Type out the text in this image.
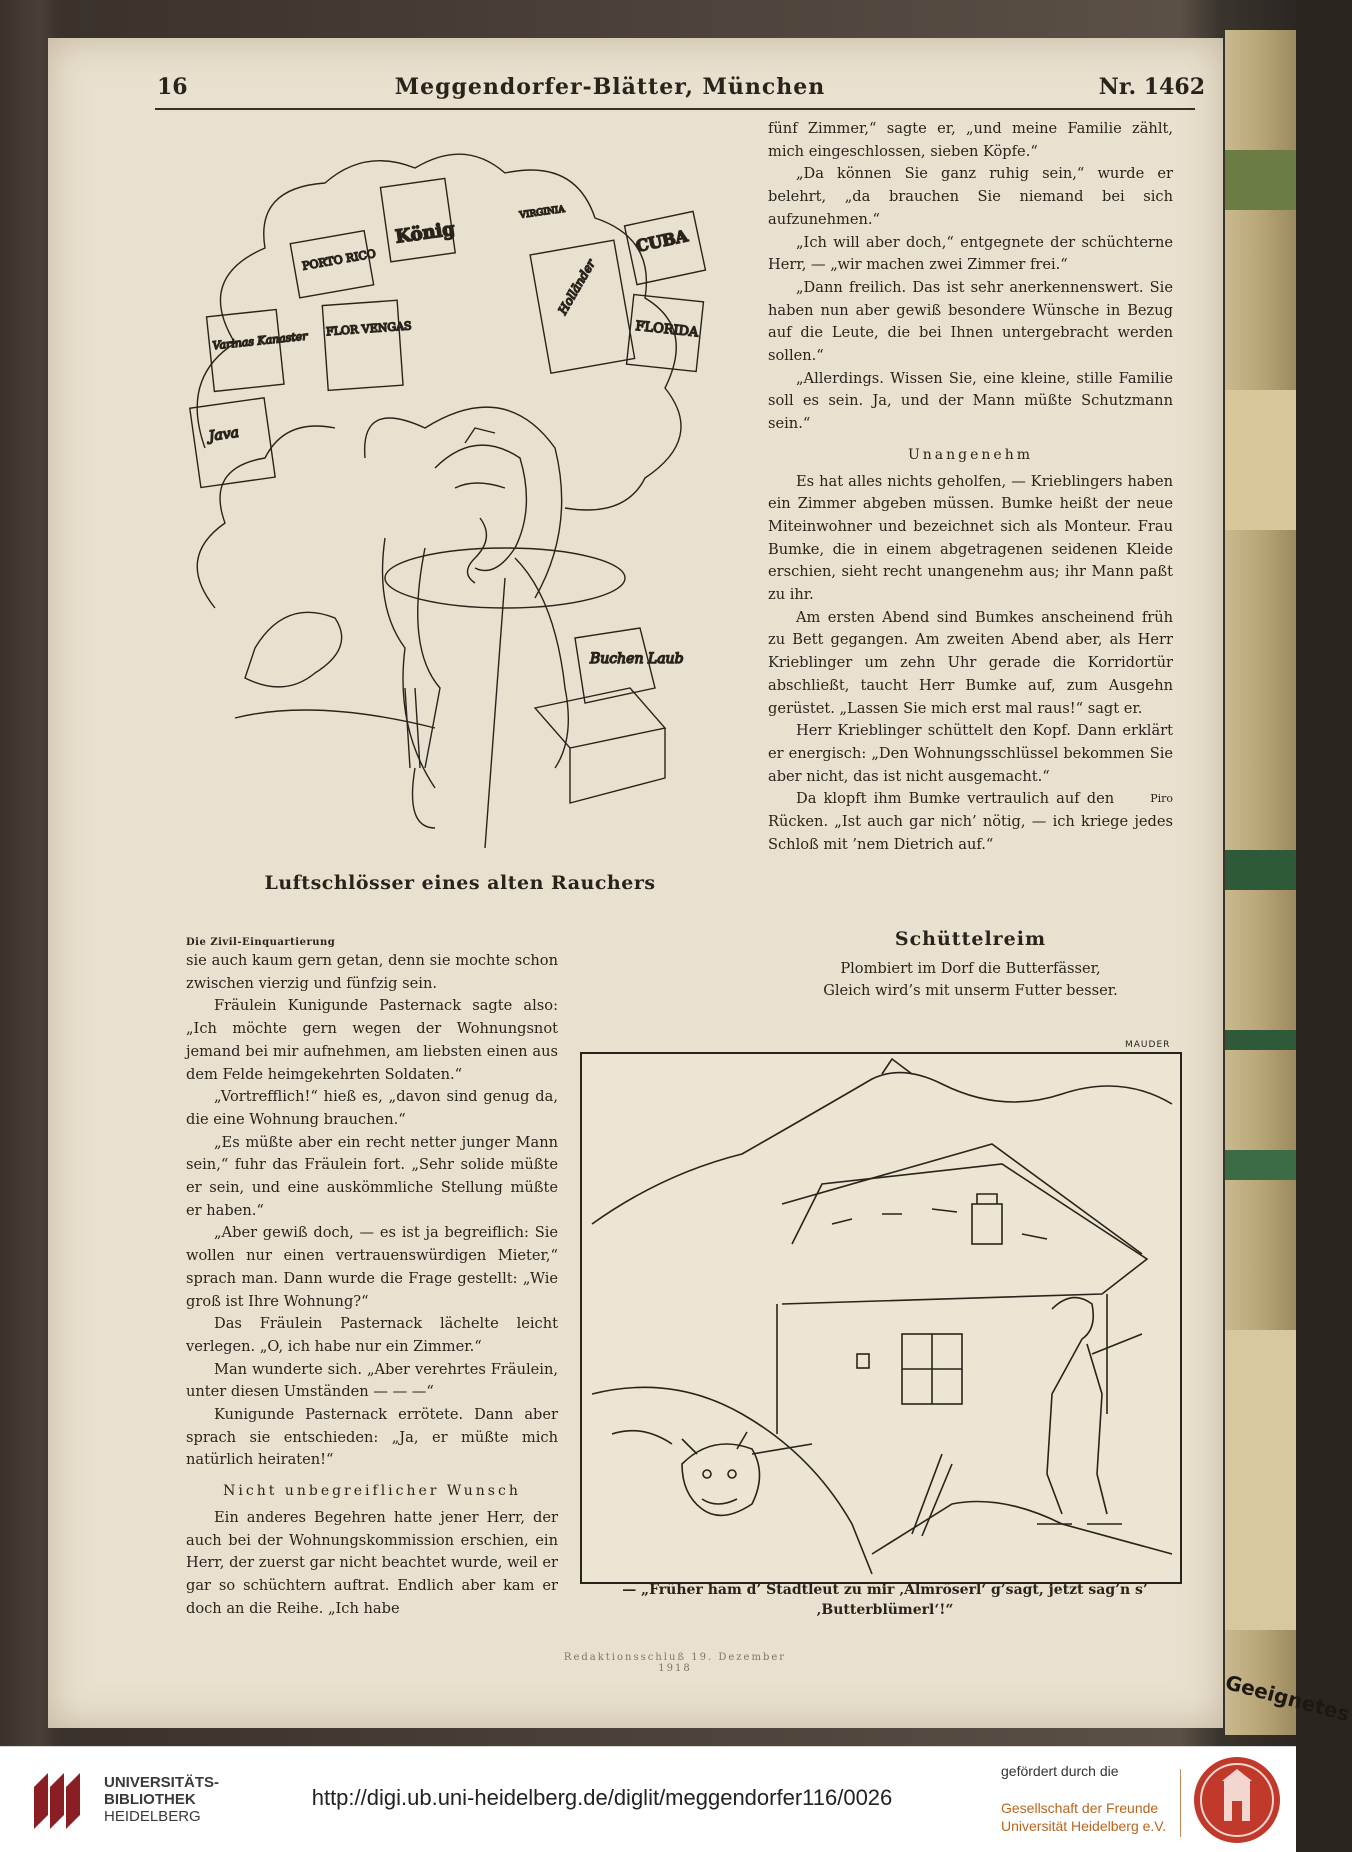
Geeignetes
16	Meggendorfer-Blätter, München	Nr. 1462
König
PORTO RICO
CUBA
Varinas Kanaster
FLOR VENGAS
Holländer
FLORIDA
Java
VIRGINIA
Buchen Laub
Luftschlösser eines alten Rauchers

fünf Zimmer,“ sagte er, „und meine Familie zählt, mich eingeschlossen, sieben Köpfe.“

„Da können Sie ganz ruhig sein,“ wurde er belehrt, „da brauchen Sie niemand bei sich aufzunehmen.“

„Ich will aber doch,“ entgegnete der schüchterne Herr, — „wir machen zwei Zimmer frei.“

„Dann freilich. Das ist sehr anerkennenswert. Sie haben nun aber gewiß besondere Wünsche in Bezug auf die Leute, die bei Ihnen untergebracht werden sollen.“

„Allerdings. Wissen Sie, eine kleine, stille Familie soll es sein. Ja, und der Mann müßte Schutzmann sein.“

Unangenehm

Es hat alles nichts geholfen, — Krieblingers haben ein Zimmer abgeben müssen. Bumke heißt der neue Miteinwohner und bezeichnet sich als Monteur. Frau Bumke, die in einem abgetragenen seidenen Kleide erschien, sieht recht unangenehm aus; ihr Mann paßt zu ihr.

Am ersten Abend sind Bumkes anscheinend früh zu Bett gegangen. Am zweiten Abend aber, als Herr Krieblinger um zehn Uhr gerade die Korridortür abschließt, taucht Herr Bumke auf, zum Ausgehn gerüstet. „Lassen Sie mich erst mal raus!“ sagt er.

Herr Krieblinger schüttelt den Kopf. Dann erklärt er energisch: „Den Wohnungsschlüssel bekommen Sie aber nicht, das ist nicht ausgemacht.“

Piro
Da klopft ihm Bumke vertraulich auf den Rücken. „Ist auch gar nich’ nötig, — ich kriege jedes Schloß mit ’nem Dietrich auf.“

Schüttelreim
Plombiert im Dorf die Butterfässer,
Gleich wird’s mit unserm Futter besser.
Die Zivil-Einquartierung

sie auch kaum gern getan, denn sie mochte schon zwischen vierzig und fünfzig sein.

Fräulein Kunigunde Pasternack sagte also: „Ich möchte gern wegen der Wohnungsnot jemand bei mir aufnehmen, am liebsten einen aus dem Felde heimgekehrten Soldaten.“

„Vortrefflich!“ hieß es, „davon sind genug da, die eine Wohnung brauchen.“

„Es müßte aber ein recht netter junger Mann sein,“ fuhr das Fräulein fort. „Sehr solide müßte er sein, und eine auskömmliche Stellung müßte er haben.“

„Aber gewiß doch, — es ist ja begreiflich: Sie wollen nur einen vertrauenswürdigen Mieter,“ sprach man. Dann wurde die Frage gestellt: „Wie groß ist Ihre Wohnung?“

Das Fräulein Pasternack lächelte leicht verlegen. „O, ich habe nur ein Zimmer.“

Man wunderte sich. „Aber verehrtes Fräulein, unter diesen Umständen — — —“

Kunigunde Pasternack errötete. Dann aber sprach sie entschieden: „Ja, er müßte mich natürlich heiraten!“

Nicht unbegreiflicher Wunsch

Ein anderes Begehren hatte jener Herr, der auch bei der Wohnungskommission erschien, ein Herr, der zuerst gar nicht beachtet wurde, weil er gar so schüchtern auftrat. Endlich aber kam er doch an die Reihe. „Ich habe

MAUDER
— „Früher ham d’ Stadtleut zu mir ‚Almröserl‘ g’sagt, jetzt sag’n s’
‚Butterblümerl‘!“
Redaktionsschluß 19. Dezember 1918
UNIVERSITÄTS-
BIBLIOTHEK
HEIDELBERG
http://digi.ub.uni-heidelberg.de/diglit/meggendorfer116/0026
gefördert durch die
Gesellschaft der Freunde
Universität Heidelberg e.V.
